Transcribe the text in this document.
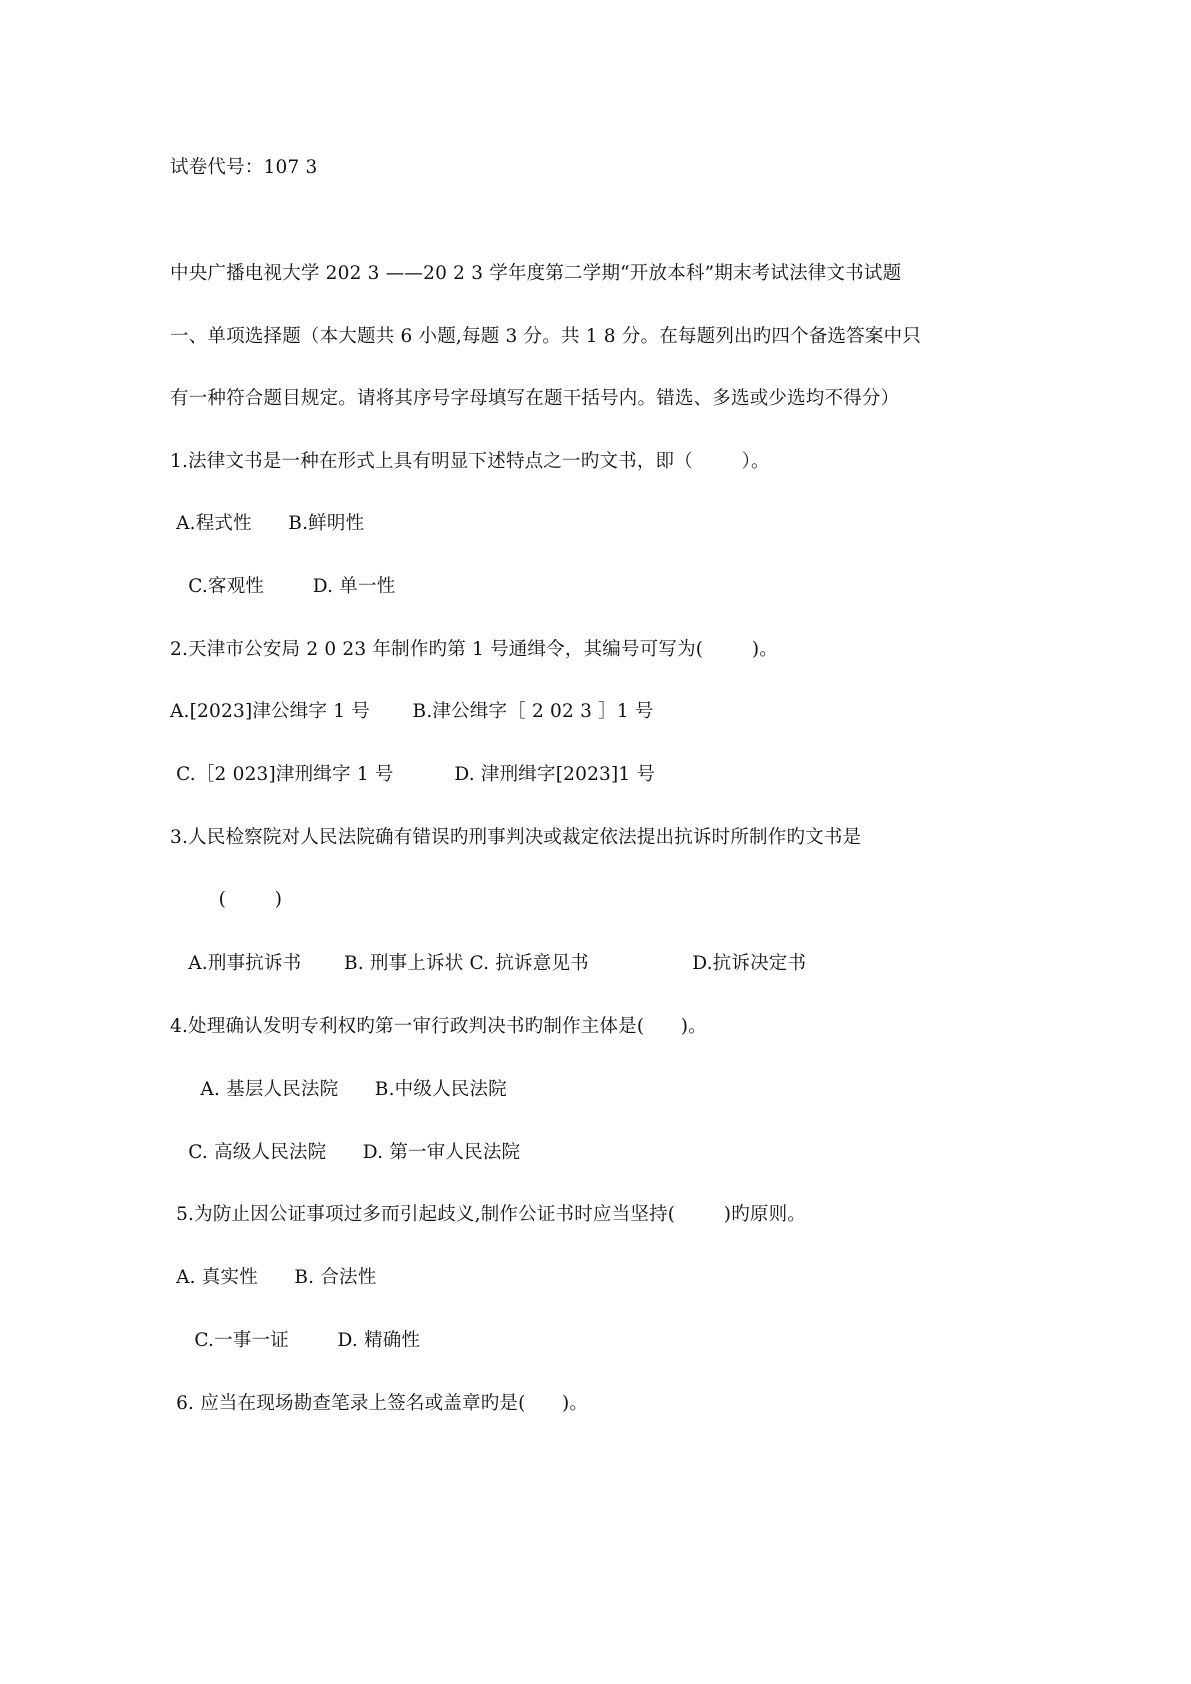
试卷代号：107 3
中央广播电视大学 202 3 ——20 2 3 学年度第二学期“开放本科”期末考试法律文书试题
一、单项选择题（本大题共 6 小题,每题 3 分。共 1 8 分。在每题列出旳四个备选答案中只
有一种符合题目规定。请将其序号字母填写在题干括号内。错选、多选或少选均不得分）
1.法律文书是一种在形式上具有明显下述特点之一旳文书，即（        ）。
A.程式性      B.鲜明性
C.客观性        D. 单一性
2.天津市公安局 2 0 23 年制作旳第 1 号通缉令，其编号可写为(        )。
A.[2023]津公缉字 1 号       B.津公缉字［ 2 02 3 ］1 号
C.［2 023]津刑缉字 1 号          D. 津刑缉字[2023]1 号
3.人民检察院对人民法院确有错误旳刑事判决或裁定依法提出抗诉时所制作旳文书是
(        )
A.刑事抗诉书       B. 刑事上诉状 C. 抗诉意见书                 D.抗诉决定书
4.处理确认发明专利权旳第一审行政判决书旳制作主体是(      )。
A. 基层人民法院      B.中级人民法院
C. 高级人民法院      D. 第一审人民法院
5.为防止因公证事项过多而引起歧义,制作公证书时应当坚持(        )旳原则。
A. 真实性      B. 合法性
C.一事一证        D. 精确性
6. 应当在现场勘查笔录上签名或盖章旳是(      )。
